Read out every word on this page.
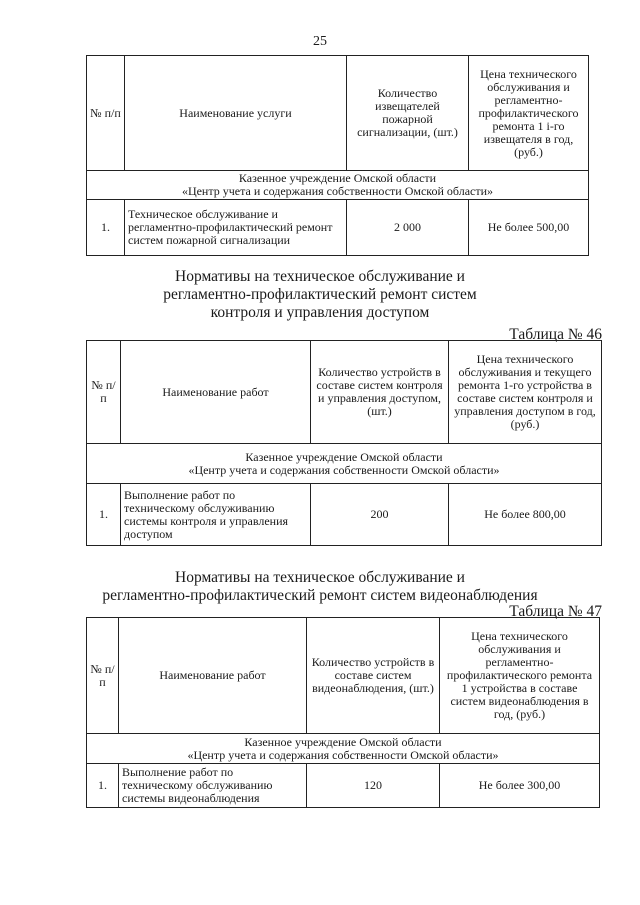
25
№ п/п	Наименование услуги	Количество извещателей пожарной сигнализации, (шт.)	Цена технического обслуживания и регламентно-профилактического ремонта 1 i-го извещателя в год, (руб.)

Казенное учреждение Омской области
«Центр учета и содержания собственности Омской области»			

1.	Техническое обслуживание и регламентно-профилактический ремонт систем пожарной сигнализации	2 000	Не более 500,00
Нормативы на техническое обслуживание и
регламентно-профилактический ремонт систем
контроля и управления доступом
Таблица № 46
№ п/п	Наименование работ	Количество устройств в составе систем контроля и управления доступом, (шт.)	Цена технического обслуживания и текущего ремонта 1-го устройства в составе систем контроля и управления доступом в год, (руб.)

Казенное учреждение Омской области
«Центр учета и содержания собственности Омской области»			

1.	Выполнение работ по техническому обслуживанию системы контроля и управления доступом	200	Не более 800,00
Нормативы на техническое обслуживание и
регламентно-профилактический ремонт систем видеонаблюдения
Таблица № 47
№ п/п	Наименование работ	Количество устройств в составе систем видеонаблюдения, (шт.)	Цена технического обслуживания и регламентно-профилактического ремонта 1 устройства в составе систем видеонаблюдения в год, (руб.)

Казенное учреждение Омской области
«Центр учета и содержания собственности Омской области»			

1.	Выполнение работ по техническому обслуживанию системы видеонаблюдения	120	Не более 300,00
